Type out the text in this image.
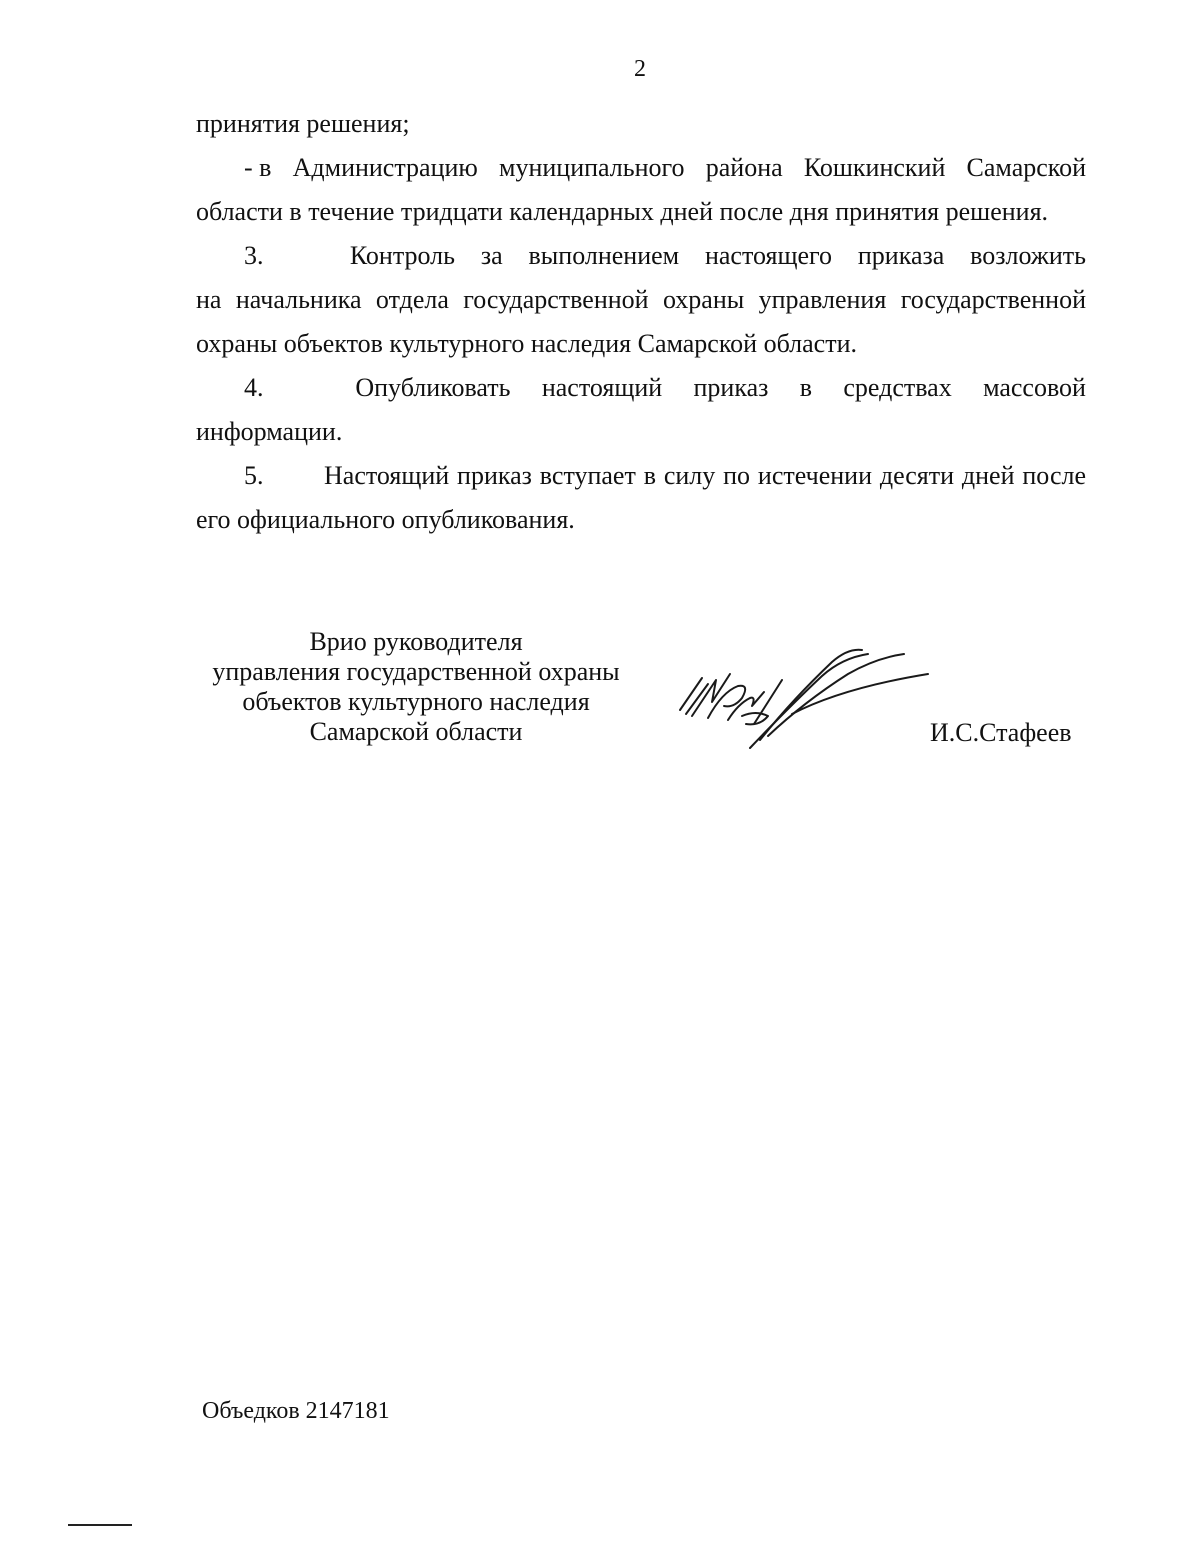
2
принятия решения;
- в Администрацию муниципального района Кошкинский Самарской
области в течение тридцати календарных дней после дня принятия решения.
3.	Контроль за выполнением настоящего приказа возложить
на начальника отдела государственной охраны управления государственной
охраны объектов культурного наследия Самарской области.
4.	Опубликовать настоящий приказ в средствах массовой
информации.
5.	Настоящий приказ вступает в силу по истечении десяти дней после
его официального опубликования.
Врио руководителя
управления государственной охраны
объектов культурного наследия
Самарской области	И.С.Стафеев
Объедков 2147181
